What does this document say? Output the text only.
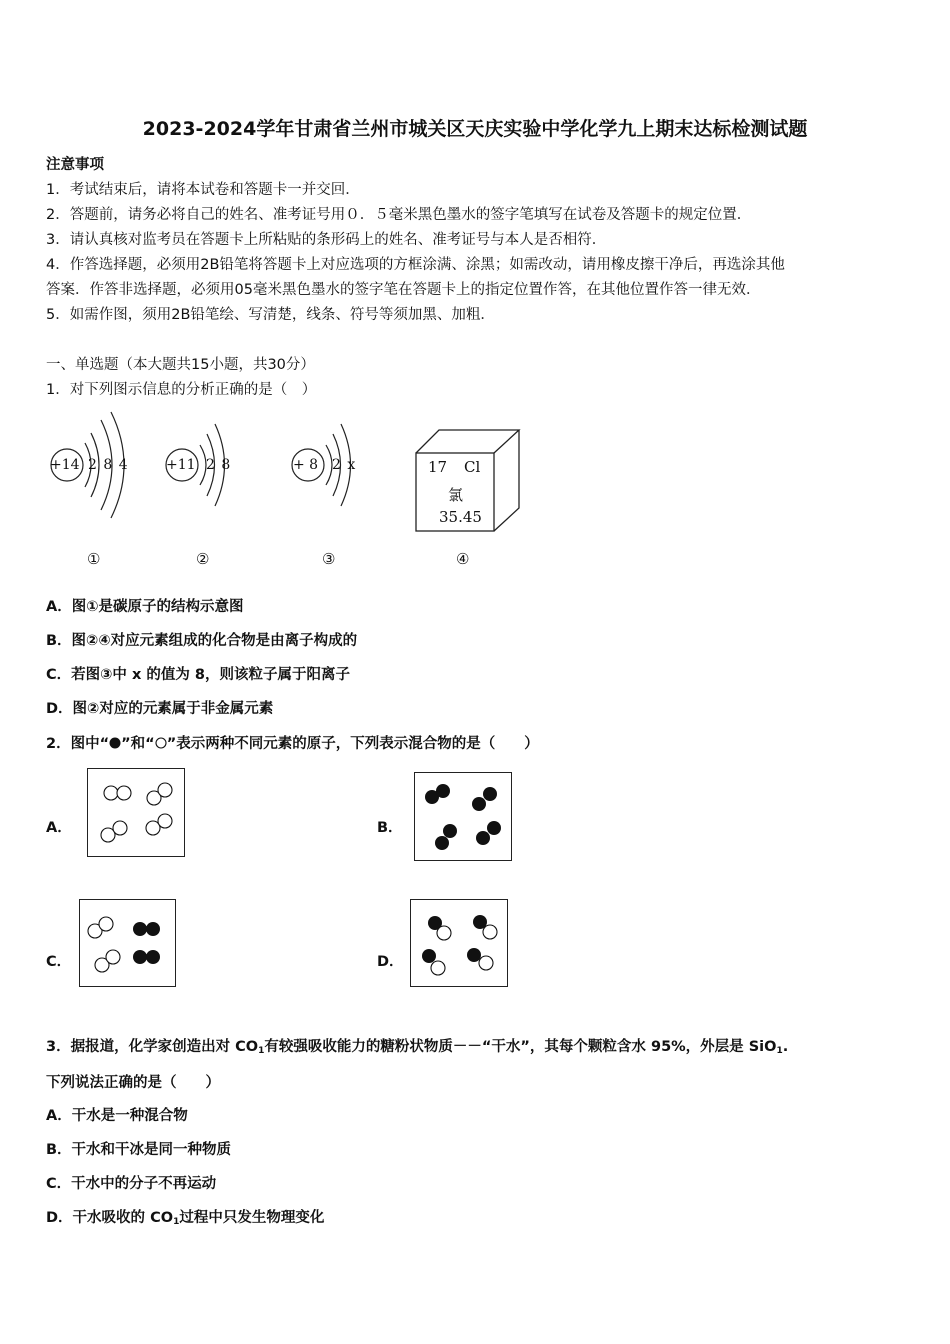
2023-2024学年甘肃省兰州市城关区天庆实验中学化学九上期末达标检测试题
注意事项
1．考试结束后，请将本试卷和答题卡一并交回．
2．答题前，请务必将自己的姓名、准考证号用０．５毫米黑色墨水的签字笔填写在试卷及答题卡的规定位置．
3．请认真核对监考员在答题卡上所粘贴的条形码上的姓名、准考证号与本人是否相符．
4．作答选择题，必须用2B铅笔将答题卡上对应选项的方框涂满、涂黑；如需改动，请用橡皮擦干净后，再选涂其他
答案．作答非选择题，必须用05毫米黑色墨水的签字笔在答题卡上的指定位置作答，在其他位置作答一律无效．
5．如需作图，须用2B铅笔绘、写清楚，线条、符号等须加黑、加粗．
一、单选题（本大题共15小题，共30分）
1．对下列图示信息的分析正确的是（　）
+14 2 8 4
①
+11 2 8
②
+ 8 2 x
③
17 Cl
氯
35.45
④
A．图①是碳原子的结构示意图
B．图②④对应元素组成的化合物是由离子构成的
C．若图③中 x 的值为 8，则该粒子属于阳离子
D．图②对应的元素属于非金属元素
2．图中“ ”和“ ”表示两种不同元素的原子，下列表示混合物的是（　　）
A．	B．
C．	D．
3．据报道，化学家创造出对 $CO_1$有较强吸收能力的糖粉状物质－－“干水”，其每个颗粒含水 95%，外层是 SiO$_1$.
下列说法正确的是（　　）
A．干水是一种混合物
B．干水和干冰是同一种物质
C．干水中的分子不再运动
D．干水吸收的 $CO_1$过程中只发生物理变化
